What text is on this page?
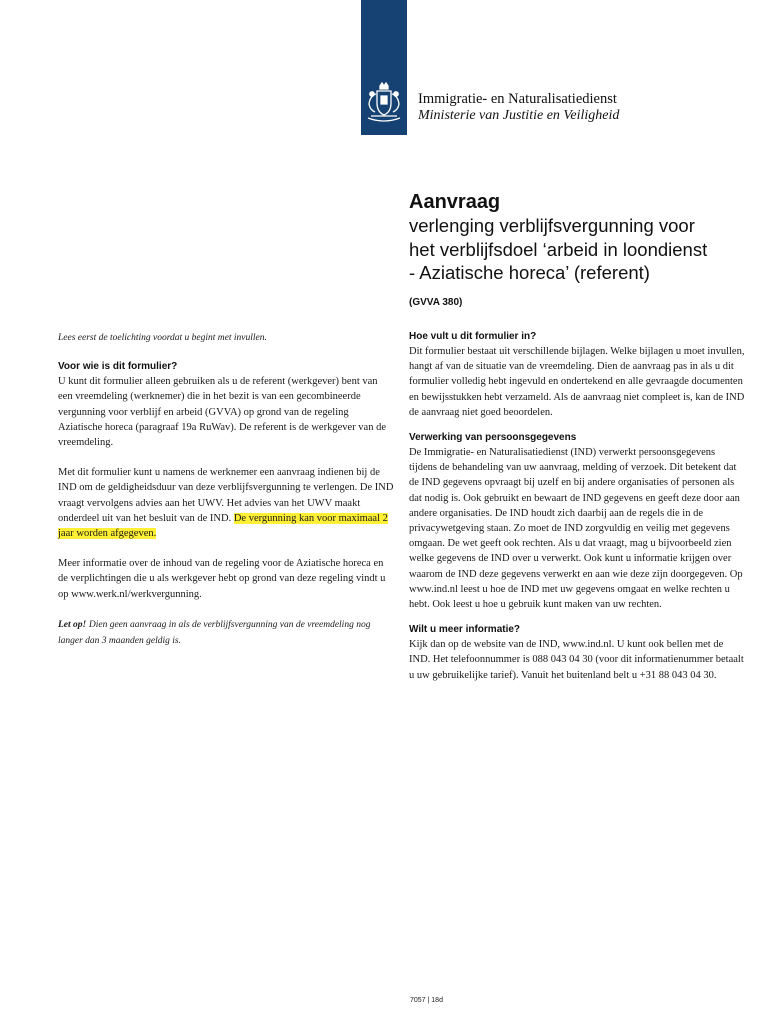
Immigratie- en Naturalisatiedienst
Ministerie van Justitie en Veiligheid
Aanvraag
verlenging verblijfsvergunning voor
het verblijfsdoel ‘arbeid in loondienst
- Aziatische horeca’ (referent)
(GVVA 380)

Lees eerst de toelichting voordat u begint met invullen.

Voor wie is dit formulier?

U kunt dit formulier alleen gebruiken als u de referent (werkgever) bent van een vreemdeling (werknemer) die in het bezit is van een gecombineerde vergunning voor verblijf en arbeid (GVVA) op grond van de regeling Aziatische horeca (paragraaf 19a RuWav). De referent is de werkgever van de vreemdeling.

Met dit formulier kunt u namens de werknemer een aanvraag indienen bij de IND om de geldigheidsduur van deze verblijfsvergunning te verlengen. De IND vraagt vervolgens advies aan het UWV. Het advies van het UWV maakt onderdeel uit van het besluit van de IND. De vergunning kan voor maximaal 2 jaar worden afgegeven.

Meer informatie over de inhoud van de regeling voor de Aziatische horeca en de verplichtingen die u als werkgever hebt op grond van deze regeling vindt u op www.werk.nl/werkvergunning.

Let op! Dien geen aanvraag in als de verblijfsvergunning van de vreemdeling nog langer dan 3 maanden geldig is.

Hoe vult u dit formulier in?

Dit formulier bestaat uit verschillende bijlagen. Welke bijlagen u moet invullen, hangt af van de situatie van de vreemdeling. Dien de aanvraag pas in als u dit formulier volledig hebt ingevuld en ondertekend en alle gevraagde documenten en bewijsstukken hebt verzameld. Als de aanvraag niet compleet is, kan de IND de aanvraag niet goed beoordelen.

Verwerking van persoonsgegevens

De Immigratie- en Naturalisatiedienst (IND) verwerkt persoonsgegevens tijdens de behandeling van uw aanvraag, melding of verzoek. Dit betekent dat de IND gegevens opvraagt bij uzelf en bij andere organisaties of personen als dat nodig is. Ook gebruikt en bewaart de IND gegevens en geeft deze door aan andere organisaties. De IND houdt zich daarbij aan de regels die in de privacywetgeving staan. Zo moet de IND zorgvuldig en veilig met gegevens omgaan. De wet geeft ook rechten. Als u dat vraagt, mag u bijvoorbeeld zien welke gegevens de IND over u verwerkt. Ook kunt u informatie krijgen over waarom de IND deze gegevens verwerkt en aan wie deze zijn doorgegeven. Op www.ind.nl leest u hoe de IND met uw gegevens omgaat en welke rechten u hebt. Ook leest u hoe u gebruik kunt maken van uw rechten.

Wilt u meer informatie?

Kijk dan op de website van de IND, www.ind.nl. U kunt ook bellen met de IND. Het telefoonnummer is 088 043 04 30 (voor dit informatienummer betaalt u uw gebruikelijke tarief). Vanuit het buitenland belt u +31 88 043 04 30.

7057 | 18d
